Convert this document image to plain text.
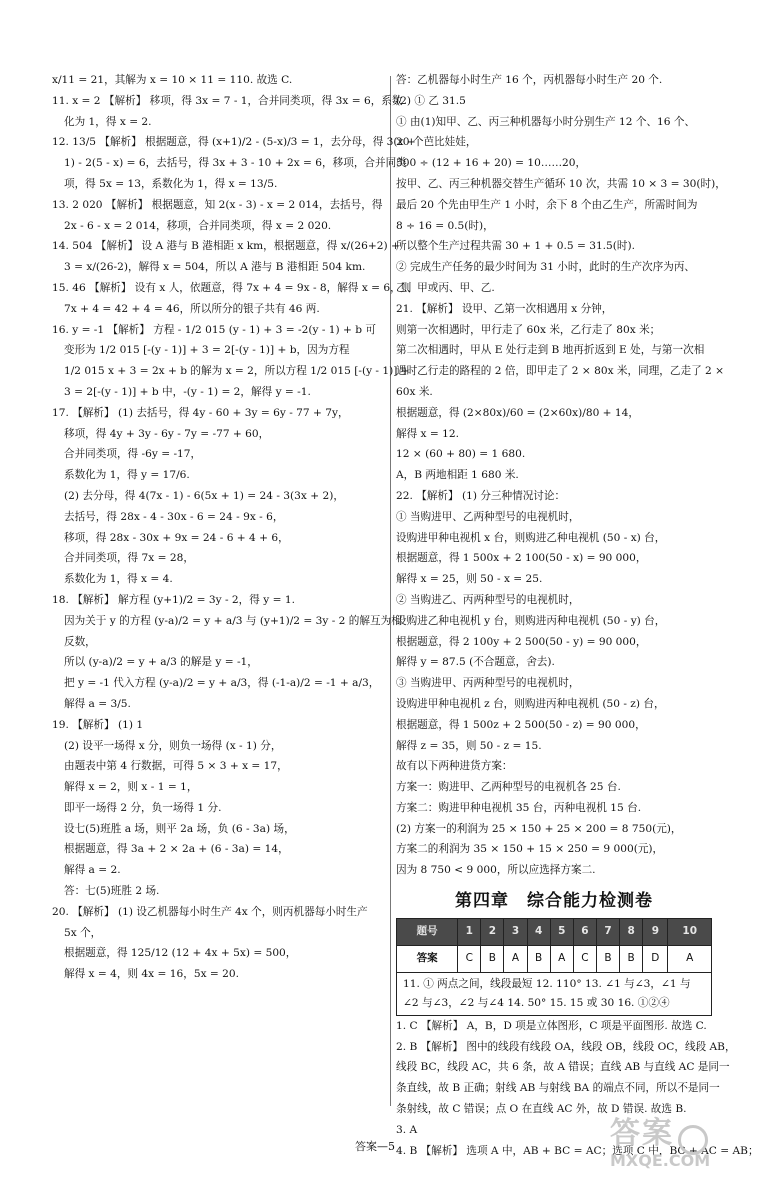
x/11 = 21，其解为 x = 10 × 11 = 110. 故选 C.

11. x = 2 【解析】 移项，得 3x = 7 - 1，合并同类项，得 3x = 6，系数

化为 1，得 x = 2.

12. 13/5 【解析】 根据题意，得 (x+1)/2 - (5-x)/3 = 1，去分母，得 3(x +

1) - 2(5 - x) = 6，去括号，得 3x + 3 - 10 + 2x = 6，移项，合并同类

项，得 5x = 13，系数化为 1，得 x = 13/5.

13. 2 020 【解析】 根据题意，知 2(x - 3) - x = 2 014，去括号，得

2x - 6 - x = 2 014，移项，合并同类项，得 x = 2 020.

14. 504 【解析】 设 A 港与 B 港相距 x km，根据题意，得 x/(26+2) +

3 = x/(26-2)，解得 x = 504，所以 A 港与 B 港相距 504 km.

15. 46 【解析】 设有 x 人，依题意，得 7x + 4 = 9x - 8，解得 x = 6，则

7x + 4 = 42 + 4 = 46，所以所分的银子共有 46 两.

16. y = -1 【解析】 方程 - 1/2 015 (y - 1) + 3 = -2(y - 1) + b 可

变形为 1/2 015 [-(y - 1)] + 3 = 2[-(y - 1)] + b，因为方程

1/2 015 x + 3 = 2x + b 的解为 x = 2，所以方程 1/2 015 [-(y - 1)] +

3 = 2[-(y - 1)] + b 中，-(y - 1) = 2，解得 y = -1.

17. 【解析】 (1) 去括号，得 4y - 60 + 3y = 6y - 77 + 7y，

移项，得 4y + 3y - 6y - 7y = -77 + 60，

合并同类项，得 -6y = -17，

系数化为 1，得 y = 17/6.

(2) 去分母，得 4(7x - 1) - 6(5x + 1) = 24 - 3(3x + 2)，

去括号，得 28x - 4 - 30x - 6 = 24 - 9x - 6，

移项，得 28x - 30x + 9x = 24 - 6 + 4 + 6，

合并同类项，得 7x = 28，

系数化为 1，得 x = 4.

18. 【解析】 解方程 (y+1)/2 = 3y - 2，得 y = 1.

因为关于 y 的方程 (y-a)/2 = y + a/3 与 (y+1)/2 = 3y - 2 的解互为相

反数，

所以 (y-a)/2 = y + a/3 的解是 y = -1，

把 y = -1 代入方程 (y-a)/2 = y + a/3，得 (-1-a)/2 = -1 + a/3，

解得 a = 3/5.

19. 【解析】 (1) 1

(2) 设平一场得 x 分，则负一场得 (x - 1) 分，

由题表中第 4 行数据，可得 5 × 3 + x = 17，

解得 x = 2，则 x - 1 = 1，

即平一场得 2 分，负一场得 1 分.

设七(5)班胜 a 场，则平 2a 场，负 (6 - 3a) 场，

根据题意，得 3a + 2 × 2a + (6 - 3a) = 14，

解得 a = 2.

答：七(5)班胜 2 场.

20. 【解析】 (1) 设乙机器每小时生产 4x 个，则丙机器每小时生产

5x 个，

根据题意，得 125/12 (12 + 4x + 5x) = 500，

解得 x = 4，则 4x = 16，5x = 20.

答：乙机器每小时生产 16 个，丙机器每小时生产 20 个.

(2) ① 乙 31.5

① 由(1)知甲、乙、丙三种机器每小时分别生产 12 个、16 个、

20 个芭比娃娃，

500 ÷ (12 + 16 + 20) = 10……20，

按甲、乙、丙三种机器交替生产循环 10 次，共需 10 × 3 = 30(时)，

最后 20 个先由甲生产 1 小时，余下 8 个由乙生产，所需时间为

8 ÷ 16 = 0.5(时)，

所以整个生产过程共需 30 + 1 + 0.5 = 31.5(时).

② 完成生产任务的最少时间为 31 小时，此时的生产次序为丙、

乙、甲或丙、甲、乙.

21. 【解析】 设甲、乙第一次相遇用 x 分钟，

则第一次相遇时，甲行走了 60x 米，乙行走了 80x 米；

第二次相遇时，甲从 E 处行走到 B 地再折返到 E 处，与第一次相

遇时乙行走的路程的 2 倍，即甲走了 2 × 80x 米，同理，乙走了 2 ×

60x 米.

根据题意，得 (2×80x)/60 = (2×60x)/80 + 14，

解得 x = 12.

12 × (60 + 80) = 1 680.

A，B 两地相距 1 680 米.

22. 【解析】 (1) 分三种情况讨论：

① 当购进甲、乙两种型号的电视机时，

设购进甲种电视机 x 台，则购进乙种电视机 (50 - x) 台，

根据题意，得 1 500x + 2 100(50 - x) = 90 000，

解得 x = 25，则 50 - x = 25.

② 当购进乙、丙两种型号的电视机时，

设购进乙种电视机 y 台，则购进丙种电视机 (50 - y) 台，

根据题意，得 2 100y + 2 500(50 - y) = 90 000，

解得 y = 87.5 (不合题意，舍去).

③ 当购进甲、丙两种型号的电视机时，

设购进甲种电视机 z 台，则购进丙种电视机 (50 - z) 台，

根据题意，得 1 500z + 2 500(50 - z) = 90 000，

解得 z = 35，则 50 - z = 15.

故有以下两种进货方案：

方案一：购进甲、乙两种型号的电视机各 25 台.

方案二：购进甲种电视机 35 台，丙种电视机 15 台.

(2) 方案一的利润为 25 × 150 + 25 × 200 = 8 750(元)，

方案二的利润为 35 × 150 + 15 × 250 = 9 000(元)，

因为 8 750 < 9 000，所以应选择方案二.

第四章　综合能力检测卷
题号	1	2	3	4	5	6	7	8	9	10
答案	C	B	A	B	A	C	B	B	D	A

11. ① 两点之间，线段最短 12. 110° 13. ∠1 与∠3，∠1 与

∠2 与∠3，∠2 与∠4 14. 50° 15. 15 或 30 16. ①②④

1. C 【解析】 A，B，D 项是立体图形，C 项是平面图形. 故选 C.

2. B 【解析】 图中的线段有线段 OA，线段 OB，线段 OC，线段 AB，

线段 BC，线段 AC，共 6 条，故 A 错误；直线 AB 与直线 AC 是同一

条直线，故 B 正确；射线 AB 与射线 BA 的端点不同，所以不是同一

条射线，故 C 错误；点 O 在直线 AC 外，故 D 错误. 故选 B.

3. A

4. B 【解析】 选项 A 中，AB + BC = AC；选项 C 中，BC + AC = AB；

答案—5	答案
MXQE.COM
